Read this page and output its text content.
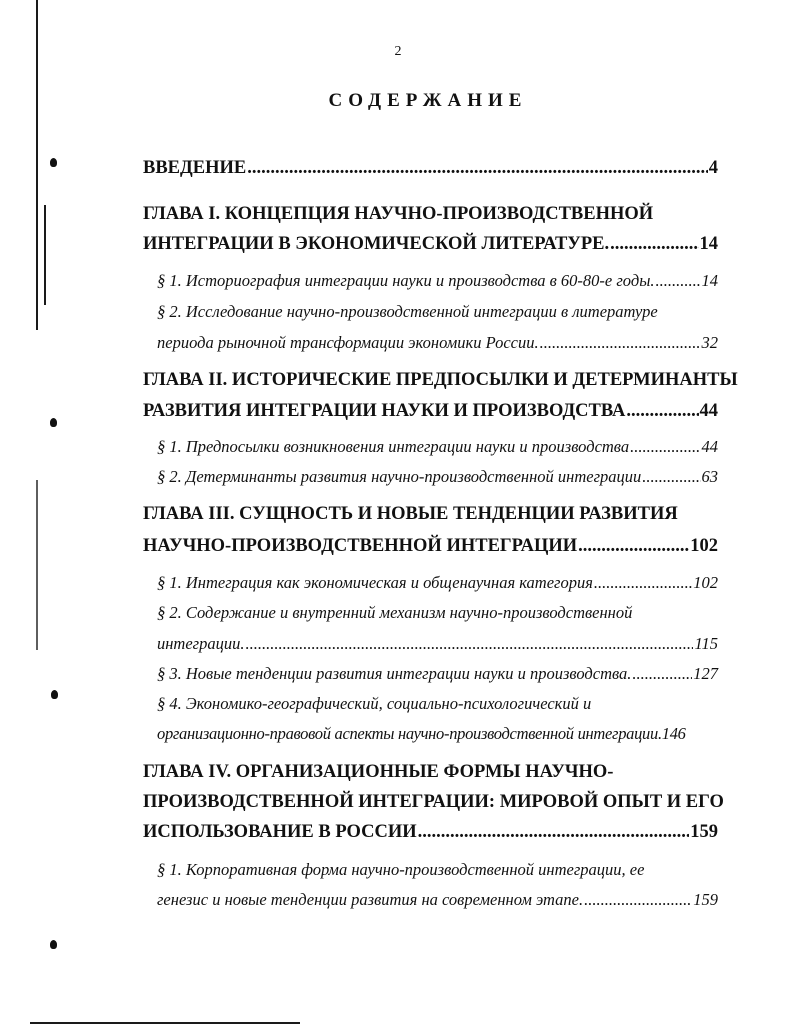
2
СОДЕРЖАНИЕ
ВВЕДЕНИЕ .....	4
ГЛАВА I. КОНЦЕПЦИЯ НАУЧНО-ПРОИЗВОДСТВЕННОЙ
ИНТЕГРАЦИИ В ЭКОНОМИЧЕСКОЙ ЛИТЕРАТУРЕ. .....	14
§ 1. Историография интеграции науки и производства в 60-80-е годы. .....	14
§ 2. Исследование научно-производственной интеграции в литературе
периода рыночной трансформации экономики России. .....	32
ГЛАВА II. ИСТОРИЧЕСКИЕ ПРЕДПОСЫЛКИ И ДЕТЕРМИНАНТЫ
РАЗВИТИЯ ИНТЕГРАЦИИ НАУКИ И ПРОИЗВОДСТВА .....	44
§ 1. Предпосылки возникновения интеграции науки и производства .....	44
§ 2. Детерминанты развития научно-производственной интеграции .....	63
ГЛАВА III. СУЩНОСТЬ И НОВЫЕ ТЕНДЕНЦИИ РАЗВИТИЯ
НАУЧНО-ПРОИЗВОДСТВЕННОЙ ИНТЕГРАЦИИ .....	102
§ 1. Интеграция как экономическая и общенаучная категория .....	102
§ 2. Содержание и внутренний механизм научно-производственной
интеграции. .....	115
§ 3. Новые тенденции развития интеграции науки и производства. .....	127
§ 4. Экономико-географический, социально-психологический и
организационно-правовой аспекты научно-производственной интеграции. 146
ГЛАВА IV. ОРГАНИЗАЦИОННЫЕ ФОРМЫ НАУЧНО-
ПРОИЗВОДСТВЕННОЙ ИНТЕГРАЦИИ: МИРОВОЙ ОПЫТ И ЕГО
ИСПОЛЬЗОВАНИЕ В РОССИИ .....	159
§ 1. Корпоративная форма научно-производственной интеграции, ее
генезис и новые тенденции развития на современном этапе. .....	159
